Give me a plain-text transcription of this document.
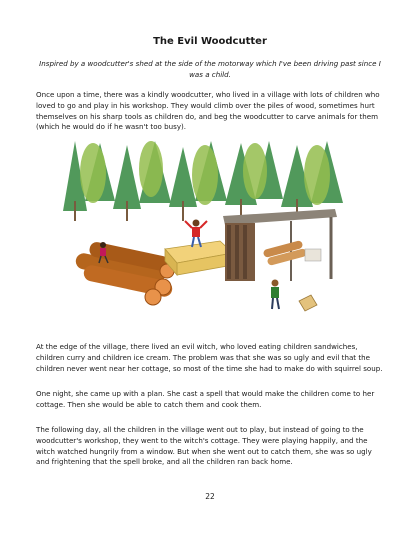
The Evil Woodcutter
Inspired by a woodcutter's shed at the side of the motorway which I've been driving past since I was a child.

Once upon a time, there was a kindly woodcutter, who lived in a village with lots of children who loved to go and play in his workshop. They would climb over the piles of wood, sometimes hurt themselves on his sharp tools as children do, and beg the woodcutter to carve animals for them (which he would do if he wasn't too busy).

At the edge of the village, there lived an evil witch, who loved eating children sandwiches, children curry and children ice cream. The problem was that she was so ugly and evil that the children never went near her cottage, so most of the time she had to make do with squirrel soup.

One night, she came up with a plan. She cast a spell that would make the children come to her cottage. Then she would be able to catch them and cook them.

The following day, all the children in the village went out to play, but instead of going to the woodcutter's workshop, they went to the witch's cottage. They were playing happily, and the witch watched hungrily from a window. But when she went out to catch them, she was so ugly and frightening that the spell broke, and all the children ran back home.

22
